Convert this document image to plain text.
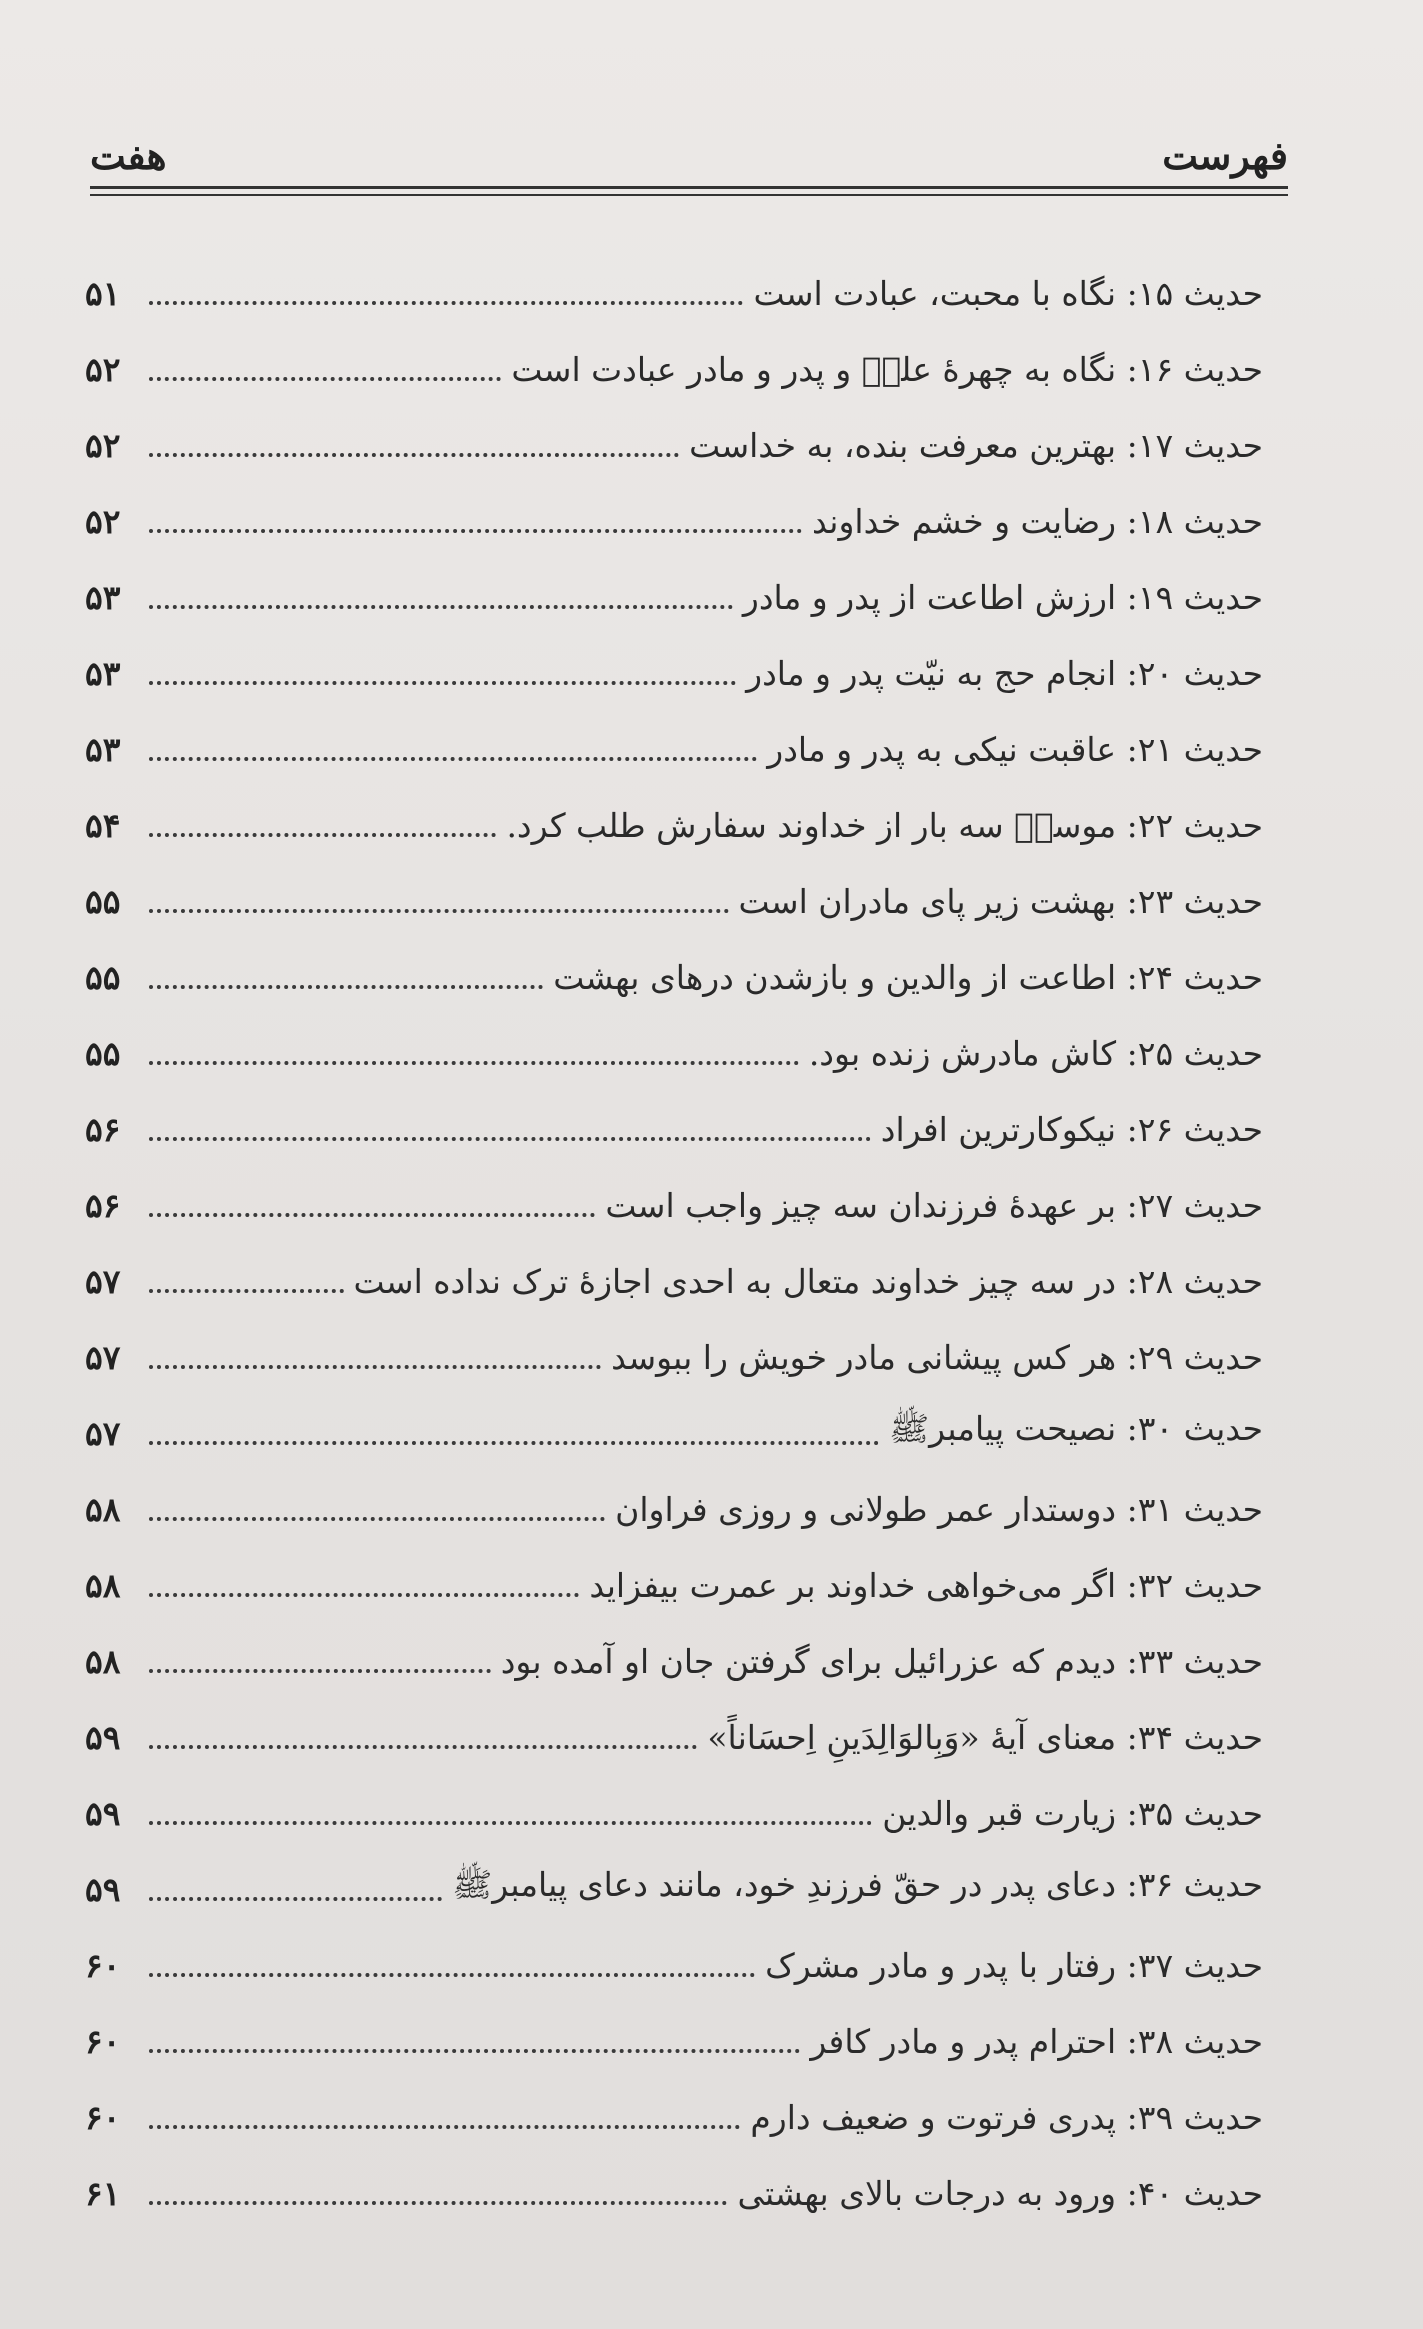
فهرست
هفت
حدیث ۱۵: نگاه با محبت، عبادت است
۵۱
حدیث ۱۶: نگاه به چهرهٔ علیؑ و پدر و مادر عبادت است
۵۲
حدیث ۱۷: بهترین معرفت بنده، به خداست
۵۲
حدیث ۱۸: رضایت و خشم خداوند
۵۲
حدیث ۱۹: ارزش اطاعت از پدر و مادر
۵۳
حدیث ۲۰: انجام حج به نیّت پدر و مادر
۵۳
حدیث ۲۱: عاقبت نیکی به پدر و مادر
۵۳
حدیث ۲۲: موسیؑ سه بار از خداوند سفارش طلب کرد.
۵۴
حدیث ۲۳: بهشت زیر پای مادران است
۵۵
حدیث ۲۴: اطاعت از والدین و بازشدن درهای بهشت
۵۵
حدیث ۲۵: کاش مادرش زنده بود.
۵۵
حدیث ۲۶: نیکوکارترین افراد
۵۶
حدیث ۲۷: بر عهدهٔ فرزندان سه چیز واجب است
۵۶
حدیث ۲۸: در سه چیز خداوند متعال به احدی اجازهٔ ترک نداده است
۵۷
حدیث ۲۹: هر کس پیشانی مادر خویش را ببوسد
۵۷
حدیث ۳۰: نصیحت پیامبرﷺ
۵۷
حدیث ۳۱: دوستدار عمر طولانی و روزی فراوان
۵۸
حدیث ۳۲: اگر می‌خواهی خداوند بر عمرت بیفزاید
۵۸
حدیث ۳۳: دیدم که عزرائیل برای گرفتن جان او آمده بود
۵۸
حدیث ۳۴: معنای آیهٔ «وَبِالوَالِدَینِ اِحسَاناً»
۵۹
حدیث ۳۵: زیارت قبر والدین
۵۹
حدیث ۳۶: دعای پدر در حقّ فرزندِ خود، مانند دعای پیامبرﷺ
۵۹
حدیث ۳۷: رفتار با پدر و مادر مشرک
۶۰
حدیث ۳۸: احترام پدر و مادر کافر
۶۰
حدیث ۳۹: پدری فرتوت و ضعیف دارم
۶۰
حدیث ۴۰: ورود به درجات بالای بهشتی
۶۱
